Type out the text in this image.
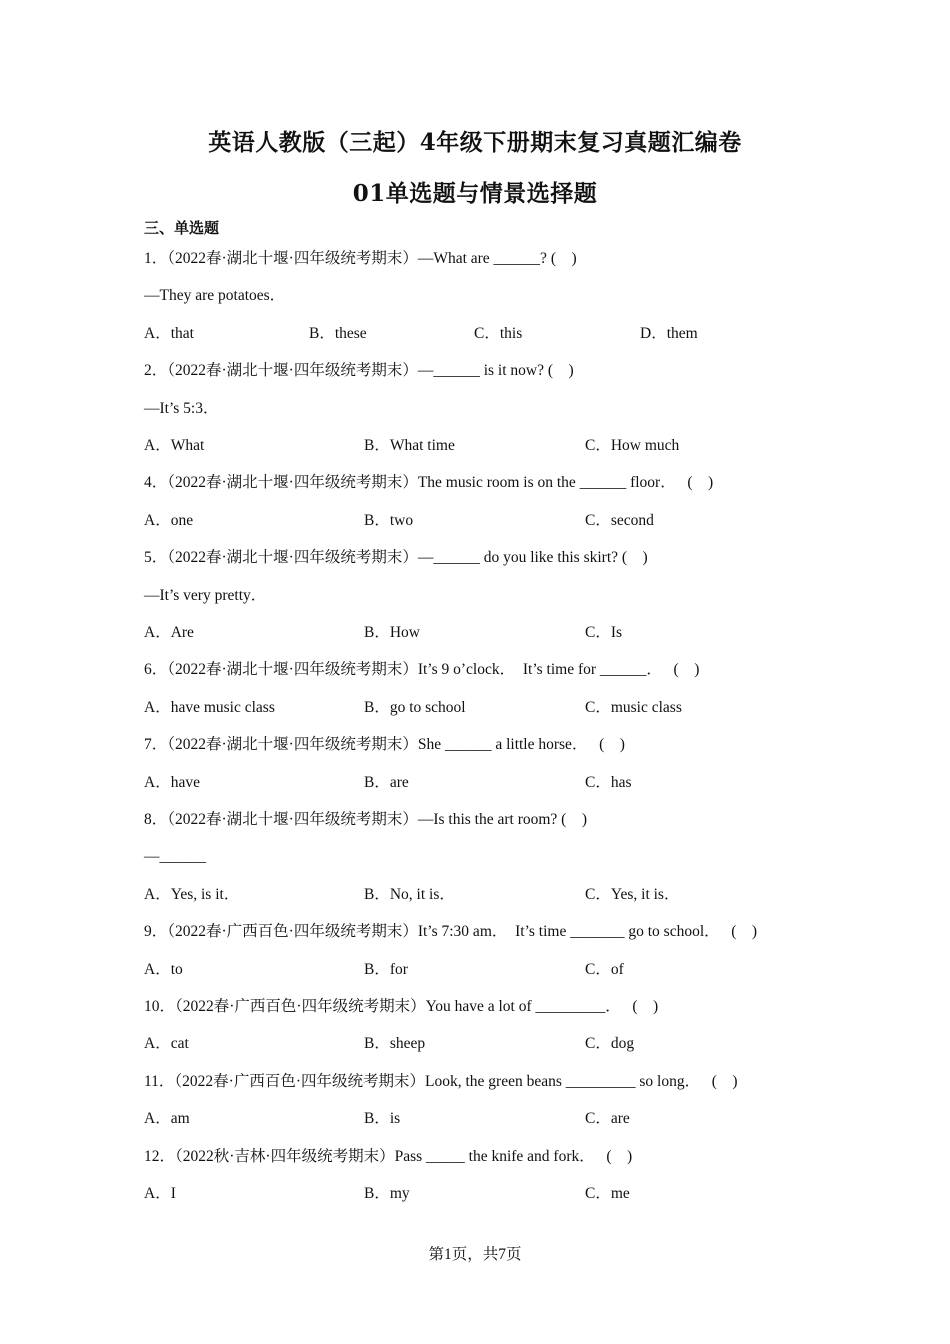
英语人教版（三起）4年级下册期末复习真题汇编卷
01单选题与情景选择题
三、单选题
1．（2022春·湖北十堰·四年级统考期末）—What are ______? (    )
—They are potatoes．
A．that	B．these	C．this	D．them
2．（2022春·湖北十堰·四年级统考期末）—______ is it now? (    )
—It’s 5:3．
A．What	B．What time	C．How much
4．（2022春·湖北十堰·四年级统考期末）The music room is on the ______ floor．   (    )
A．one	B．two	C．second
5．（2022春·湖北十堰·四年级统考期末）—______ do you like this skirt? (    )
—It’s very pretty．
A．Are	B．How	C．Is
6．（2022春·湖北十堰·四年级统考期末）It’s 9 o’clock．  It’s time for ______．   (    )
A．have music class	B．go to school	C．music class
7．（2022春·湖北十堰·四年级统考期末）She ______ a little horse．   (    )
A．have	B．are	C．has
8．（2022春·湖北十堰·四年级统考期末）—Is this the art room? (    )
—______
A．Yes, is it．	B．No, it is．	C．Yes, it is．
9．（2022春·广西百色·四年级统考期末）It’s 7:30 am．  It’s time _______ go to school．   (    )
A．to	B．for	C．of
10．（2022春·广西百色·四年级统考期末）You have a lot of _________．   (    )
A．cat	B．sheep	C．dog
11．（2022春·广西百色·四年级统考期末）Look, the green beans _________ so long．   (    )
A．am	B．is	C．are
12．（2022秋·吉林·四年级统考期末）Pass _____ the knife and fork．   (    )
A．I	B．my	C．me
第1页，共7页
